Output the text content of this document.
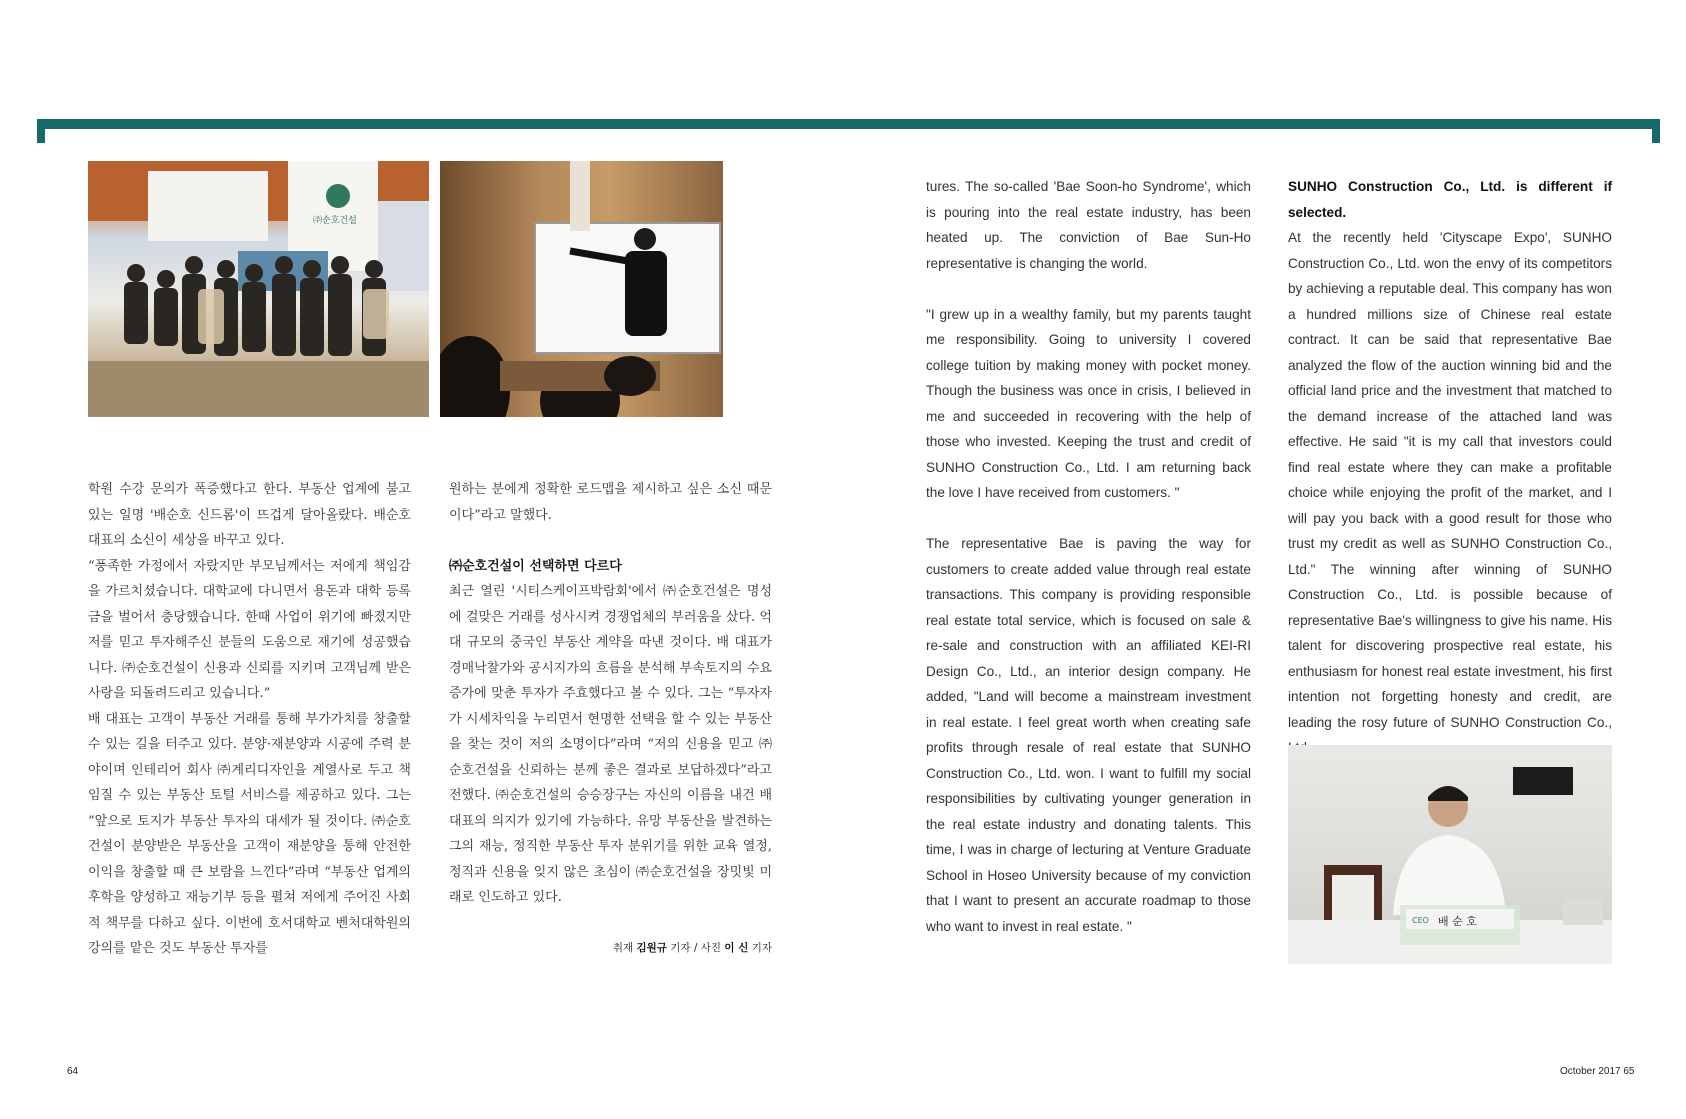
㈜순호건설

학원 수강 문의가 폭증했다고 한다. 부동산 업계에 불고 있는 일명 '배순호 신드롬'이 뜨겁게 달아올랐다. 배순호 대표의 소신이 세상을 바꾸고 있다.

“풍족한 가정에서 자랐지만 부모님께서는 저에게 책임감을 가르치셨습니다. 대학교에 다니면서 용돈과 대학 등록금을 벌어서 충당했습니다. 한때 사업이 위기에 빠졌지만 저를 믿고 투자해주신 분들의 도움으로 재기에 성공했습니다. ㈜순호건설이 신용과 신뢰를 지키며 고객님께 받은 사랑을 되돌려드리고 있습니다.”

배 대표는 고객이 부동산 거래를 통해 부가가치를 창출할 수 있는 길을 터주고 있다. 분양·재분양과 시공에 주력 분야이며 인테리어 회사 ㈜계리디자인을 계열사로 두고 책임질 수 있는 부동산 토털 서비스를 제공하고 있다. 그는 “앞으로 토지가 부동산 투자의 대세가 될 것이다. ㈜순호건설이 분양받은 부동산을 고객이 재분양을 통해 안전한 이익을 창출할 때 큰 보람을 느낀다”라며 “부동산 업계의 후학을 양성하고 재능기부 등을 펼쳐 저에게 주어진 사회적 책무를 다하고 싶다. 이번에 호서대학교 벤처대학원의 강의를 맡은 것도 부동산 투자를

원하는 분에게 정확한 로드맵을 제시하고 싶은 소신 때문이다”라고 말했다.

㈜순호건설이 선택하면 다르다

최근 열린 '시티스케이프박람회'에서 ㈜순호건설은 명성에 걸맞은 거래를 성사시켜 경쟁업체의 부러움을 샀다. 억대 규모의 중국인 부동산 계약을 따낸 것이다. 배 대표가 경매낙찰가와 공시지가의 흐름을 분석해 부속토지의 수요 증가에 맞춘 투자가 주효했다고 볼 수 있다. 그는 “투자자가 시세차익을 누리면서 현명한 선택을 할 수 있는 부동산을 찾는 것이 저의 소명이다”라며 “저의 신용을 믿고 ㈜순호건설을 신뢰하는 분께 좋은 결과로 보답하겠다”라고 전했다. ㈜순호건설의 승승장구는 자신의 이름을 내건 배 대표의 의지가 있기에 가능하다. 유망 부동산을 발견하는 그의 재능, 정직한 부동산 투자 분위기를 위한 교육 열정, 정직과 신용을 잊지 않은 초심이 ㈜순호건설을 장밋빛 미래로 인도하고 있다.

취재 김원규 기자 / 사진 이 신 기자

tures. The so-called 'Bae Soon-ho Syndrome', which is pouring into the real estate industry, has been heated up. The conviction of Bae Sun-Ho representative is changing the world.

"I grew up in a wealthy family, but my parents taught me responsibility. Going to university I covered college tuition by making money with pocket money. Though the business was once in crisis, I believed in me and succeeded in recovering with the help of those who invested. Keeping the trust and credit of SUNHO Construction Co., Ltd. I am returning back the love I have received from customers. "

The representative Bae is paving the way for customers to create added value through real estate transactions. This company is providing responsible real estate total service, which is focused on sale & re-sale and construction with an affiliated KEI-RI Design Co., Ltd., an interior design company. He added, "Land will become a mainstream investment in real estate. I feel great worth when creating safe profits through resale of real estate that SUNHO Construction Co., Ltd. won. I want to fulfill my social responsibilities by cultivating younger generation in the real estate industry and donating talents. This time, I was in charge of lecturing at Venture Graduate School in Hoseo University because of my conviction that I want to present an accurate roadmap to those who want to invest in real estate. "

SUNHO Construction Co., Ltd. is different if selected.

At the recently held 'Cityscape Expo', SUNHO Construction Co., Ltd. won the envy of its competitors by achieving a reputable deal. This company has won a hundred millions size of Chinese real estate contract. It can be said that representative Bae analyzed the flow of the auction winning bid and the official land price and the investment that matched to the demand increase of the attached land was effective. He said "it is my call that investors could find real estate where they can make a profitable choice while enjoying the profit of the market, and I will pay you back with a good result for those who trust my credit as well as SUNHO Construction Co., Ltd." The winning after winning of SUNHO Construction Co., Ltd. is possible because of representative Bae's willingness to give his name. His talent for discovering prospective real estate, his enthusiasm for honest real estate investment, his first intention not forgetting honesty and credit, are leading the rosy future of SUNHO Construction Co.,

CEO 배 순 호
64	October 2017 65
